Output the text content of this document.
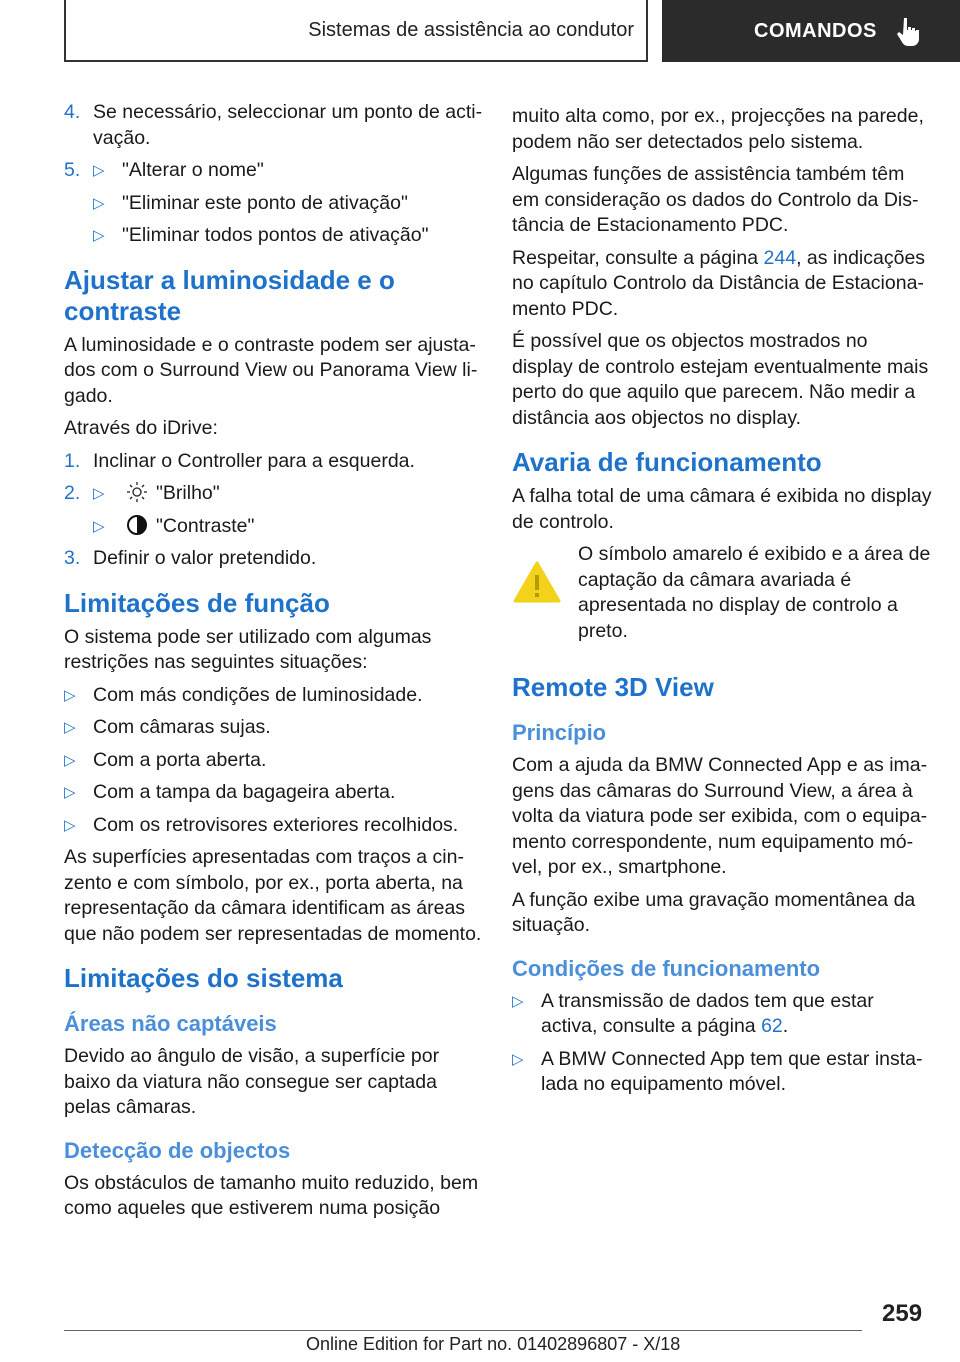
Sistemas de assistência ao condutor	COMANDOS
4. Se necessário, seleccionar um ponto de activação.
5. ▷ "Alterar o nome"
▷ "Eliminar este ponto de ativação"
▷ "Eliminar todos pontos de ativação"
Ajustar a luminosidade e o contraste

A luminosidade e o contraste podem ser ajustados com o Surround View ou Panorama View ligado.

Através do iDrive:

1. Inclinar o Controller para a esquerda.
2. ▷	"Brilho"
▷	"Contraste"
3. Definir o valor pretendido.
Limitações de função

O sistema pode ser utilizado com algumas restrições nas seguintes situações:

▷ Com más condições de luminosidade.
▷ Com câmaras sujas.
▷ Com a porta aberta.
▷ Com a tampa da bagageira aberta.
▷ Com os retrovisores exteriores recolhidos.

As superfícies apresentadas com traços a cinzento e com símbolo, por ex., porta aberta, na representação da câmara identificam as áreas que não podem ser representadas de momento.

Limitações do sistema
Áreas não captáveis

Devido ao ângulo de visão, a superfície por baixo da viatura não consegue ser captada pelas câmaras.

Detecção de objectos

Os obstáculos de tamanho muito reduzido, bem como aqueles que estiverem numa posição

muito alta como, por ex., projecções na parede, podem não ser detectados pelo sistema.

Algumas funções de assistência também têm em consideração os dados do Controlo da Distância de Estacionamento PDC.

Respeitar, consulte a página 244, as indicações no capítulo Controlo da Distância de Estacionamento PDC.

É possível que os objectos mostrados no display de controlo estejam eventualmente mais perto do que aquilo que parecem. Não medir a distância aos objectos no display.

Avaria de funcionamento

A falha total de uma câmara é exibida no display de controlo.

O símbolo amarelo é exibido e a área de captação da câmara avariada é apresentada no display de controlo a preto.
Remote 3D View
Princípio

Com a ajuda da BMW Connected App e as imagens das câmaras do Surround View, a área à volta da viatura pode ser exibida, com o equipamento correspondente, num equipamento móvel, por ex., smartphone.

A função exibe uma gravação momentânea da situação.

Condições de funcionamento
▷ A transmissão de dados tem que estar activa, consulte a página 62.
▷ A BMW Connected App tem que estar instalada no equipamento móvel.
259
Online Edition for Part no. 01402896807 - X/18
